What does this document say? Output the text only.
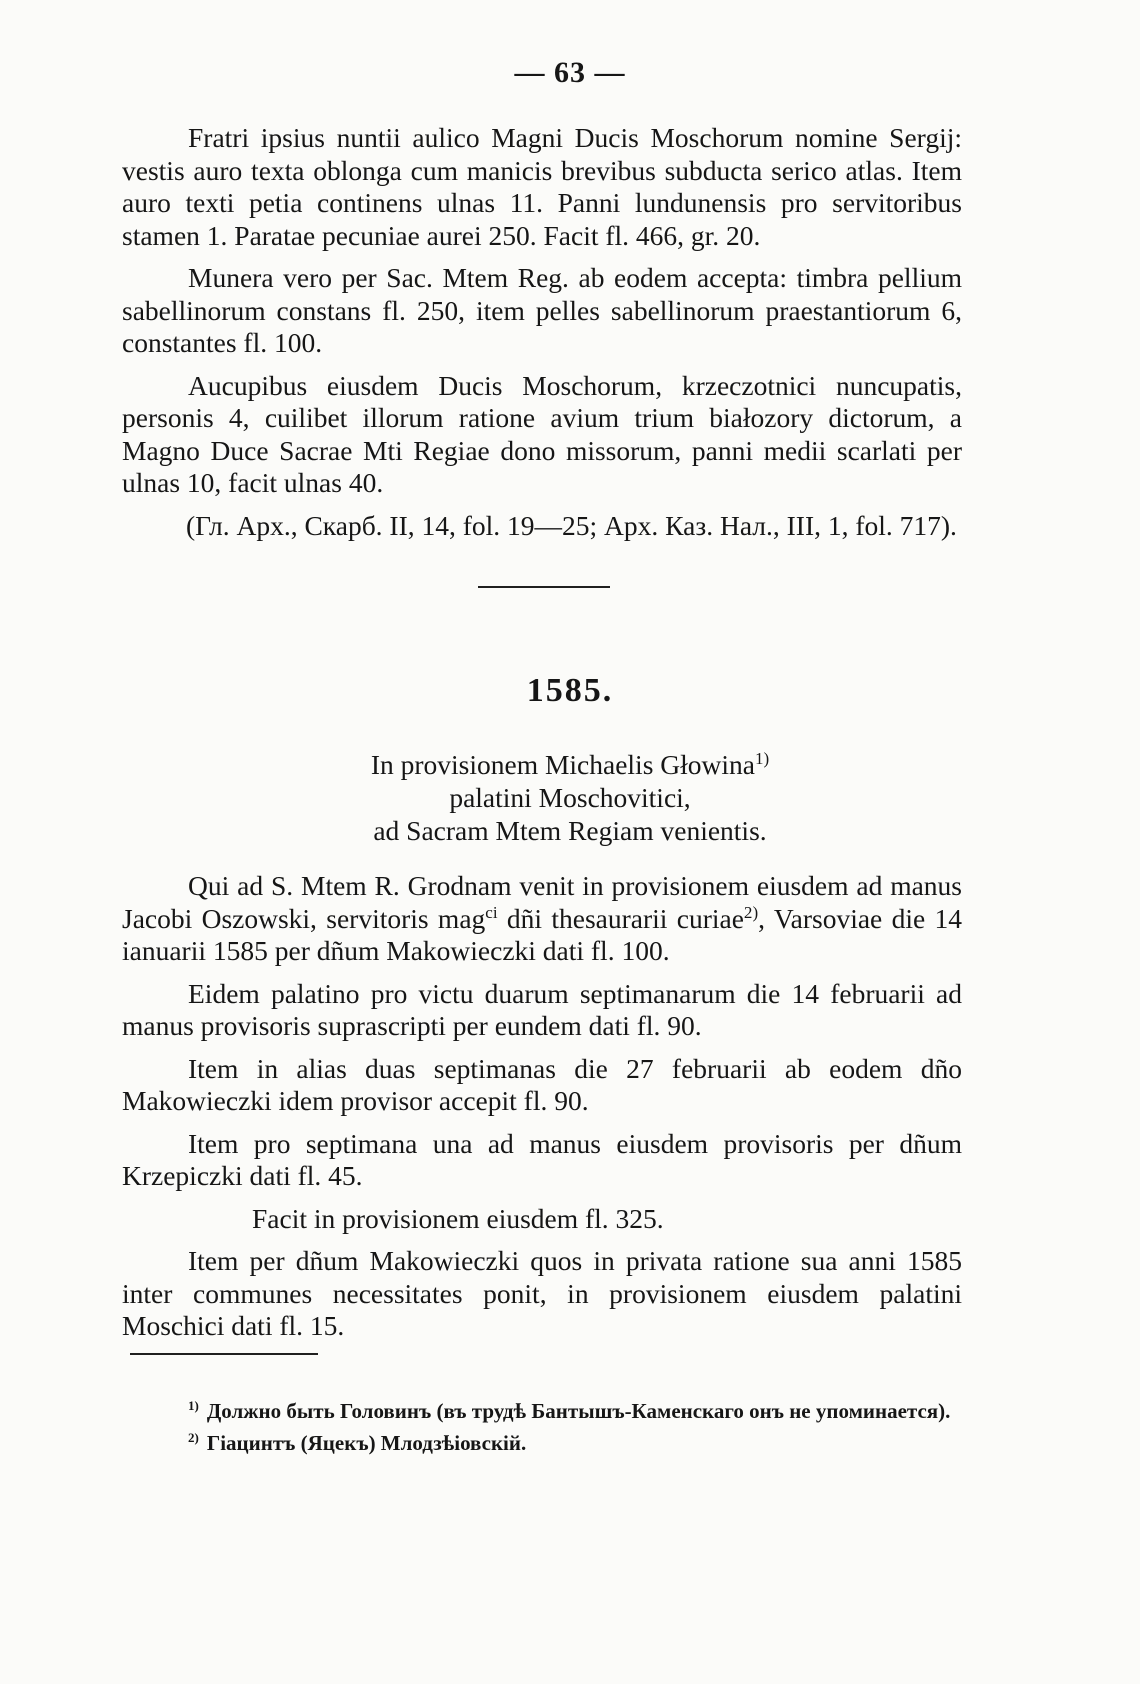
— 63 —

Fratri ipsius nuntii aulico Magni Ducis Moschorum nomine Sergij: vestis auro texta oblonga cum manicis brevibus subducta serico atlas. Item auro texti petia continens ulnas 11. Panni lundunensis pro servitoribus stamen 1. Paratae pecuniae aurei 250. Facit fl. 466, gr. 20.

Munera vero per Sac. Mtem Reg. ab eodem accepta: timbra pellium sabellinorum constans fl. 250, item pelles sabellinorum praestantiorum 6, constantes fl. 100.

Aucupibus eiusdem Ducis Moschorum, krzeczotnici nuncupatis, personis 4, cuilibet illorum ratione avium trium białozory dictorum, a Magno Duce Sacrae Mti Regiae dono missorum, panni medii scarlati per ulnas 10, facit ulnas 40.

(Гл. Арх., Скарб. II, 14, fol. 19—25; Арх. Каз. Нал., III, 1, fol. 717).
1585.
In provisionem Michaelis Głowina$^{1)}$
palatini Moschovitici,
ad Sacram Mtem Regiam venientis.

Qui ad S. Mtem R. Grodnam venit in provisionem eiusdem ad manus Jacobi Oszowski, servitoris mag$^{ci}$ dñi thesaurarii curiae$^{2)}$, Varsoviae die 14 ianuarii 1585 per dñum Makowieczki dati fl. 100.

Eidem palatino pro victu duarum septimanarum die 14 februarii ad manus provisoris suprascripti per eundem dati fl. 90.

Item in alias duas septimanas die 27 februarii ab eodem dño Makowieczki idem provisor accepit fl. 90.

Item pro septimana una ad manus eiusdem provisoris per dñum Krzepiczki dati fl. 45.

Facit in provisionem eiusdem fl. 325.

Item per dñum Makowieczki quos in privata ratione sua anni 1585 inter communes necessitates ponit, in provisionem eiusdem palatini Moschici dati fl. 15.

$^{1)}$ Должно быть Головинъ (въ трудѣ Бантышъ-Каменскаго онъ не упоминается).

$^{2)}$ Гіацинтъ (Яцекъ) Млодзѣіовскій.
